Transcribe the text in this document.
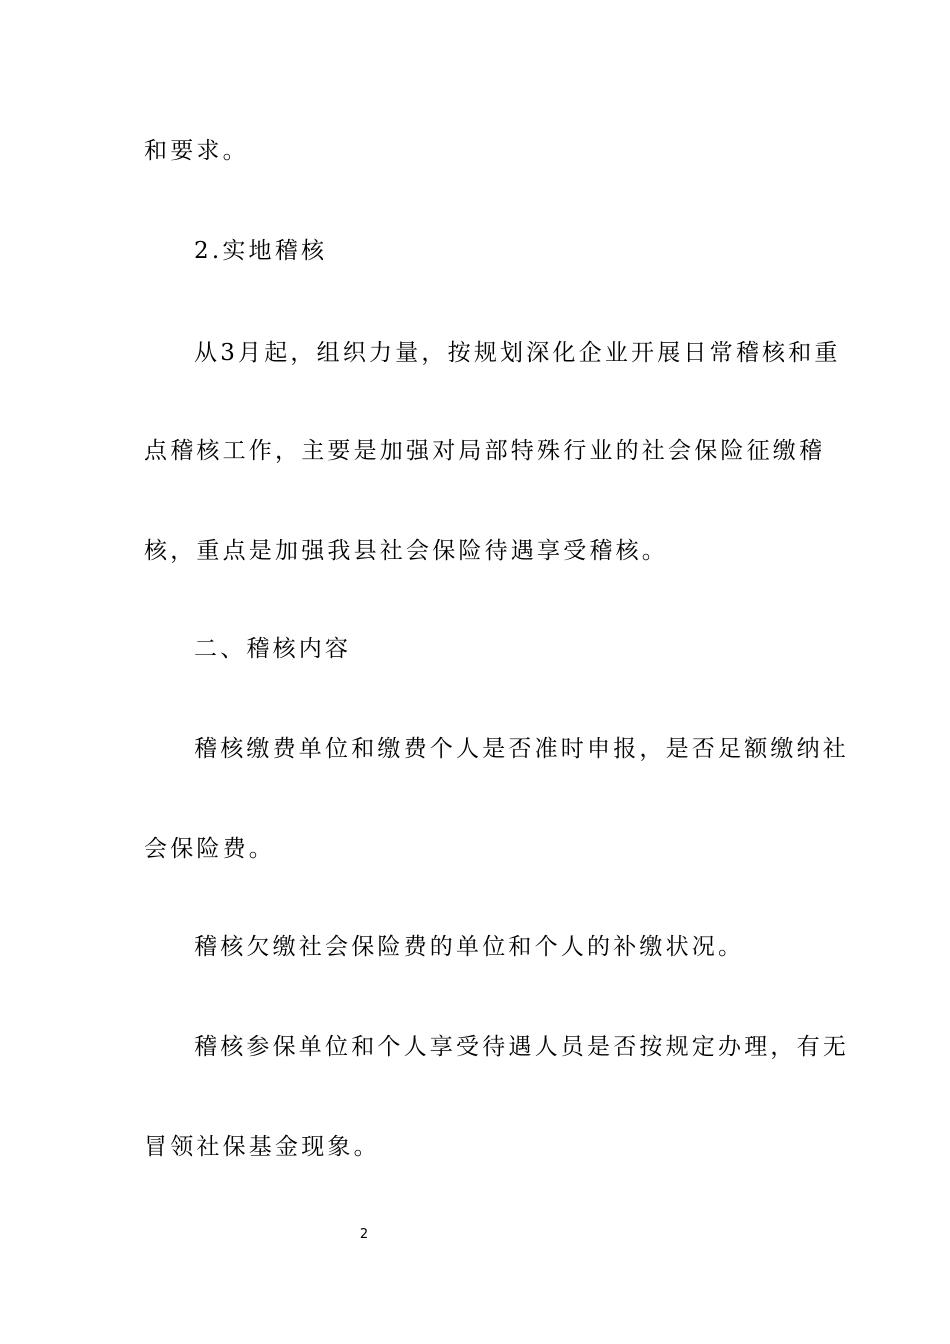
和要求。
2.实地稽核
从3月起，组织力量，按规划深化企业开展日常稽核和重
点稽核工作，主要是加强对局部特殊行业的社会保险征缴稽
核，重点是加强我县社会保险待遇享受稽核。
二、稽核内容
稽核缴费单位和缴费个人是否准时申报，是否足额缴纳社
会保险费。
稽核欠缴社会保险费的单位和个人的补缴状况。
稽核参保单位和个人享受待遇人员是否按规定办理，有无
冒领社保基金现象。
2
